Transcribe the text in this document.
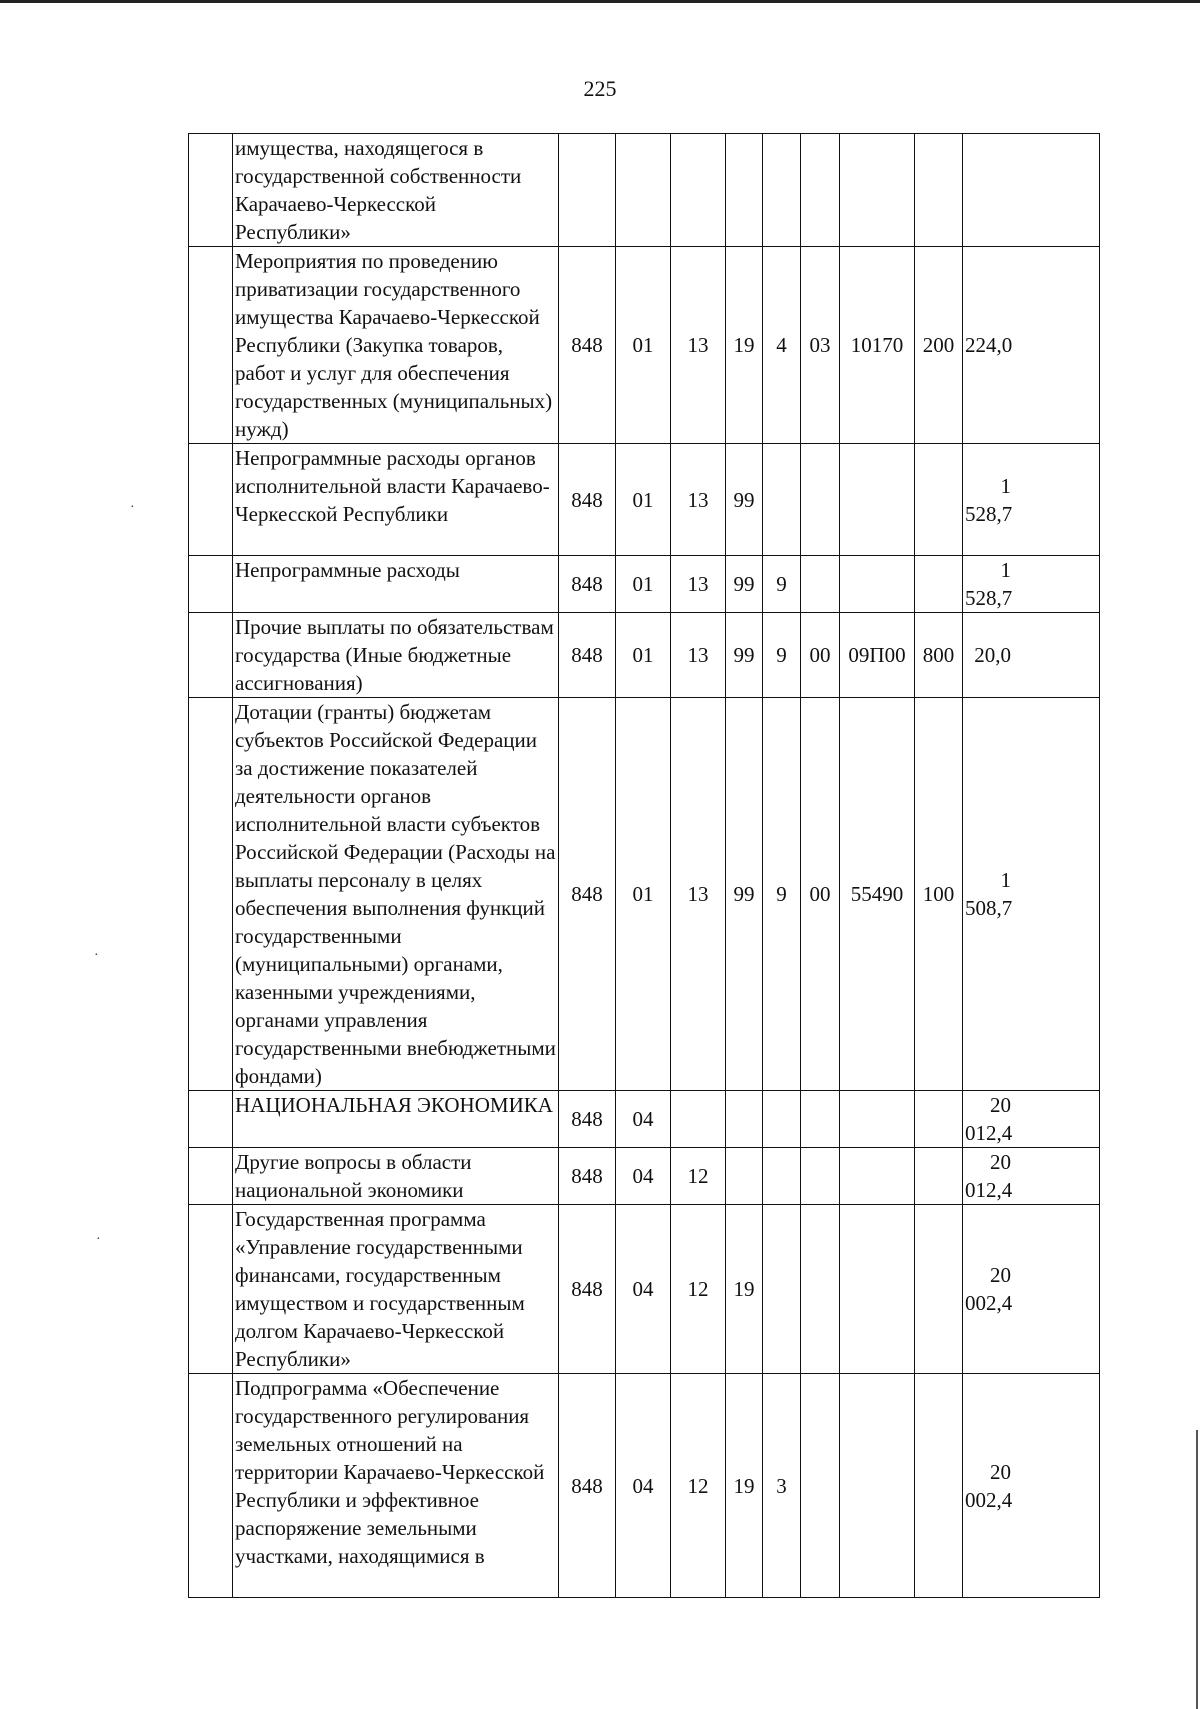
225
·
·
·
	имущества, находящегося в государственной собственности Карачаево-Черкесской Республики»									
	Мероприятия по проведению приватизации государственного имущества Карачаево-Черкесской Республики (Закупка товаров, работ и услуг для обеспечения государственных (муниципальных) нужд)	848	01	13	19	4	03	10170	200	224,0
	Непрограммные расходы органов исполнительной власти Карачаево-Черкесской Республики	848	01	13	99					1 528,7
	Непрограммные расходы	848	01	13	99	9				1 528,7
	Прочие выплаты по обязательствам государства (Иные бюджетные ассигнования)	848	01	13	99	9	00	09П00	800	20,0
	Дотации (гранты) бюджетам субъектов Российской Федерации за достижение показателей деятельности органов исполнительной власти субъектов Российской Федерации (Расходы на выплаты персоналу в целях обеспечения выполнения функций государственными (муниципальными) органами, казенными учреждениями, органами управления государственными внебюджетными фондами)	848	01	13	99	9	00	55490	100	1 508,7
	НАЦИОНАЛЬНАЯ ЭКОНОМИКА	848	04							20 012,4
	Другие вопросы в области национальной экономики	848	04	12						20 012,4
	Государственная программа «Управление государственными финансами, государственным имуществом и государственным долгом Карачаево-Черкесской Республики»	848	04	12	19					20 002,4
	Подпрограмма «Обеспечение государственного регулирования земельных отношений на территории Карачаево-Черкесской Республики и эффективное распоряжение земельными участками, находящимися в	848	04	12	19	3				20 002,4
